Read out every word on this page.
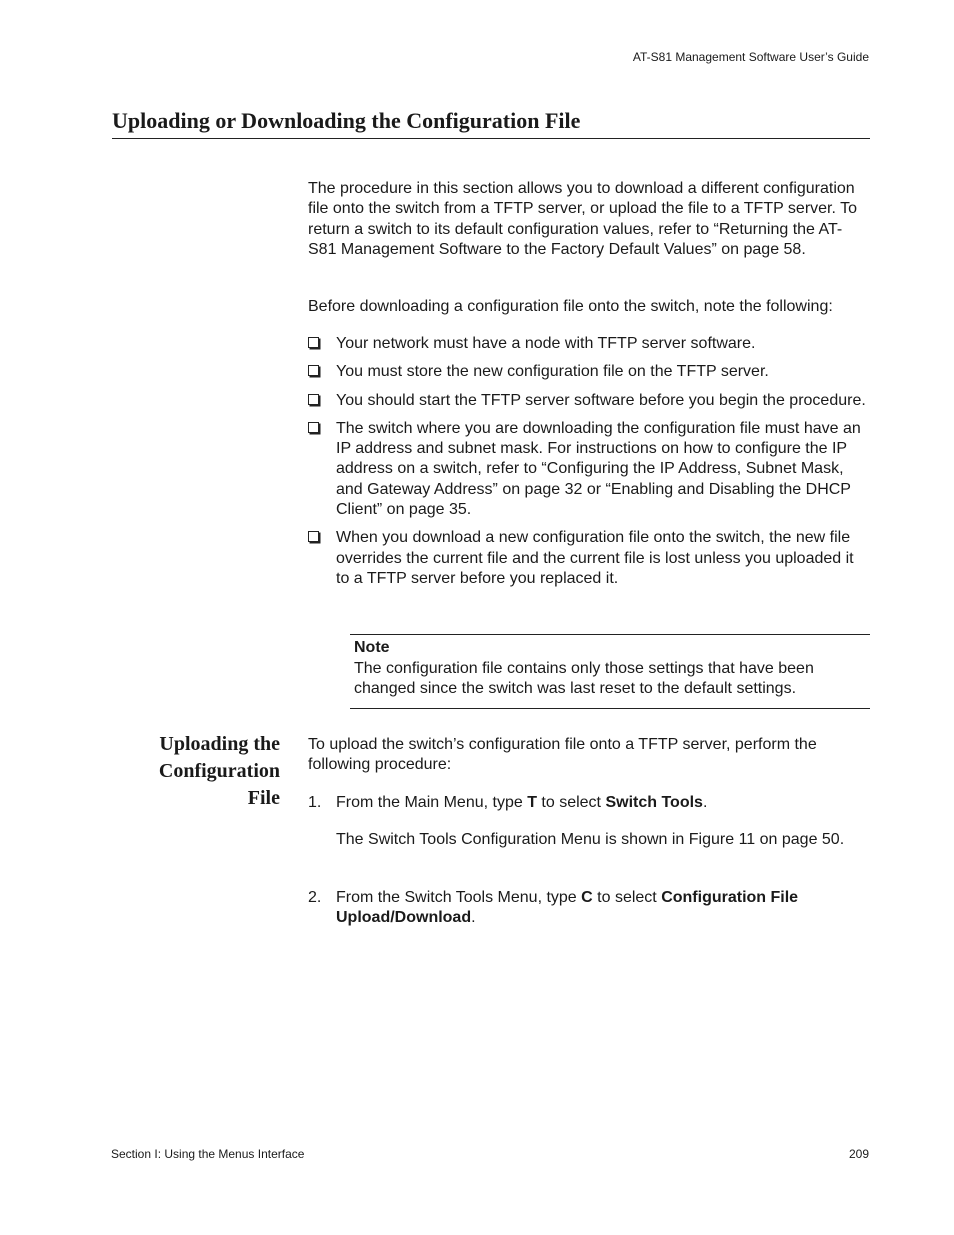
AT-S81 Management Software User’s Guide
Uploading or Downloading the Configuration File

The procedure in this section allows you to download a different configuration file onto the switch from a TFTP server, or upload the file to a TFTP server. To return a switch to its default configuration values, refer to “Returning the AT-S81 Management Software to the Factory Default Values” on page 58.

Before downloading a configuration file onto the switch, note the following:

Your network must have a node with TFTP server software.
You must store the new configuration file on the TFTP server.
You should start the TFTP server software before you begin the procedure.
The switch where you are downloading the configuration file must have an IP address and subnet mask. For instructions on how to configure the IP address on a switch, refer to “Configuring the IP Address, Subnet Mask, and Gateway Address” on page 32 or “Enabling and Disabling the DHCP Client” on page 35.
When you download a new configuration file onto the switch, the new file overrides the current file and the current file is lost unless you uploaded it to a TFTP server before you replaced it.
Note
The configuration file contains only those settings that have been changed since the switch was last reset to the default settings.
Uploading the
Configuration
File

To upload the switch’s configuration file onto a TFTP server, perform the following procedure:

1. From the Main Menu, type T to select Switch Tools.

The Switch Tools Configuration Menu is shown in Figure 11 on page 50.

2. From the Switch Tools Menu, type C to select Configuration File Upload/Download.
Section I: Using the Menus Interface	209
